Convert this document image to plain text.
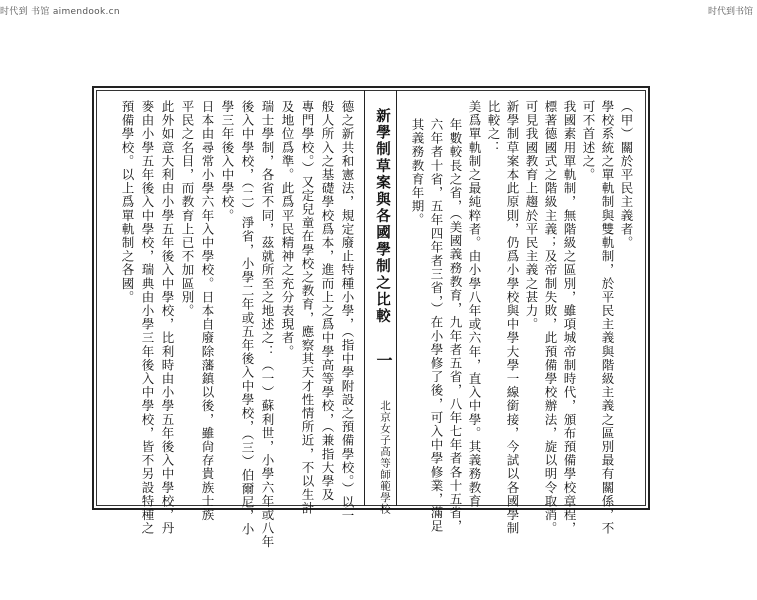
时代到 书馆 aimendook.cn	时代到书馆
新學制草案與各國學制之比較
一
北京女子高等師範學校
（甲）關於平民主義者。
學校系統之單軌制與雙軌制，於平民主義與階級主義之區別最有關係，不
可不首述之。
我國素用單軌制，無階級之區別，雖項城帝制時代，頒布預備學校章程，
標著德國式之階級主義；及帝制失敗，此預備學校辦法，旋以明令取消。
可見我國教育上趨於平民主義之甚力。
新學制草案本此原則，仍爲小學校與中學大學一線銜接，今試以各國學制
比較之：
美爲單軌制之最純粹者。由小學八年或六年，直入中學。其義務教育
年數較長之省，（美國義務教育，九年者五省，八年七年者各十五省，
六年者十省，五年四年者三省，）在小學修了後，可入中學修業，滿足
其義務教育年期。
德之新共和憲法，規定廢止特種小學，（指中學附設之預備學校。）以一
般人所入之基礎學校爲本，進而上之爲中學高等學校，（兼指大學及
專門學校。）又定兒童在學校之教育，應察其天才性情所近，不以生計
及地位爲準。此爲平民精神之充分表現者。
瑞士學制，各省不同，茲就所至之地述之：（一）蘇利世，小學六年或八年
後入中學校，（二）淨省，小學二年或五年後入中學校，（三）伯爾尼，小
學三年後入中學校。
日本由尋常小學六年入中學校。日本自廢除藩鎮以後，雖尙存貴族士族
平民之名目，而教育上已不加區別。
此外如意大利由小學五年後入中學校，比利時由小學五年後入中學校，丹
麥由小學五年後入中學校，瑞典由小學三年後入中學校，皆不另設特種之
預備學校。以上爲單軌制之各國。
